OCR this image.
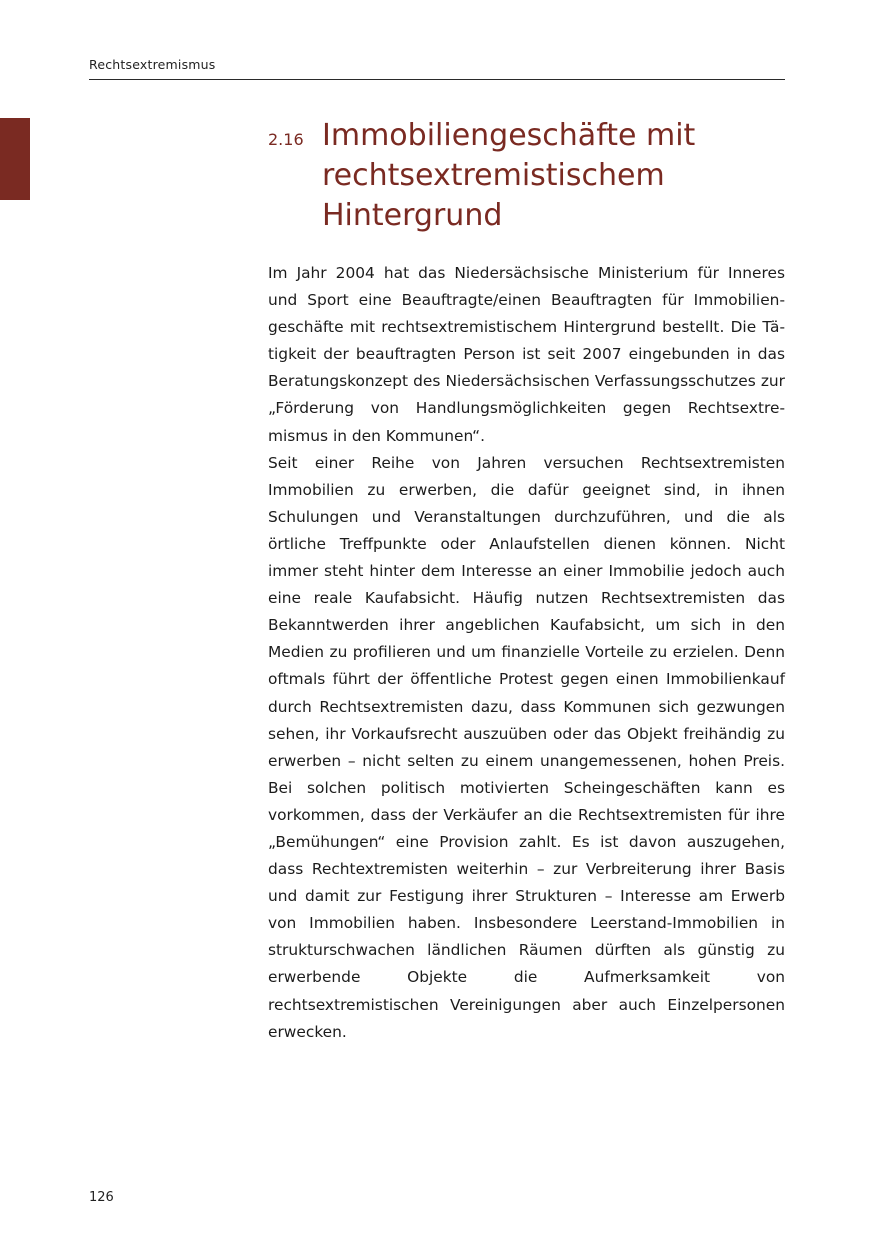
Rechtsextremismus
2.16 Immobiliengeschäfte mit rechtsextremistischem Hintergrund

Im Jahr 2004 hat das Niedersächsische Ministerium für Inneres und Sport eine Beauftragte/einen Beauftragten für Immobiliengeschäfte mit rechtsextremistischem Hintergrund bestellt. Die Tätigkeit der beauftragten Person ist seit 2007 eingebunden in das Beratungskonzept des Niedersächsischen Verfassungsschutzes zur „Förderung von Handlungsmöglichkeiten gegen Rechtsextremismus in den Kommunen“.

Seit einer Reihe von Jahren versuchen Rechtsextremisten Immobilien zu erwerben, die dafür geeignet sind, in ihnen Schulungen und Veranstaltungen durchzuführen, und die als örtliche Treffpunkte oder Anlaufstellen dienen können. Nicht immer steht hinter dem Interesse an einer Immobilie jedoch auch eine reale Kaufabsicht. Häufig nutzen Rechtsextremisten das Bekanntwerden ihrer angeblichen Kaufabsicht, um sich in den Medien zu profilieren und um finanzielle Vorteile zu erzielen. Denn oftmals führt der öffentliche Protest gegen einen Immobilienkauf durch Rechtsextremisten dazu, dass Kommunen sich gezwungen sehen, ihr Vorkaufsrecht auszuüben oder das Objekt freihändig zu erwerben – nicht selten zu einem unangemessenen, hohen Preis. Bei solchen politisch motivierten Scheingeschäften kann es vorkommen, dass der Verkäufer an die Rechtsextremisten für ihre „Bemühungen“ eine Provision zahlt. Es ist davon auszugehen, dass Rechtextremisten weiterhin – zur Verbreiterung ihrer Basis und damit zur Festigung ihrer Strukturen – Interesse am Erwerb von Immobilien haben. Insbesondere Leerstand-Immobilien in strukturschwachen ländlichen Räumen dürften als günstig zu erwerbende Objekte die Aufmerksamkeit von rechtsextremistischen Vereinigungen aber auch Einzelpersonen erwecken.

126
